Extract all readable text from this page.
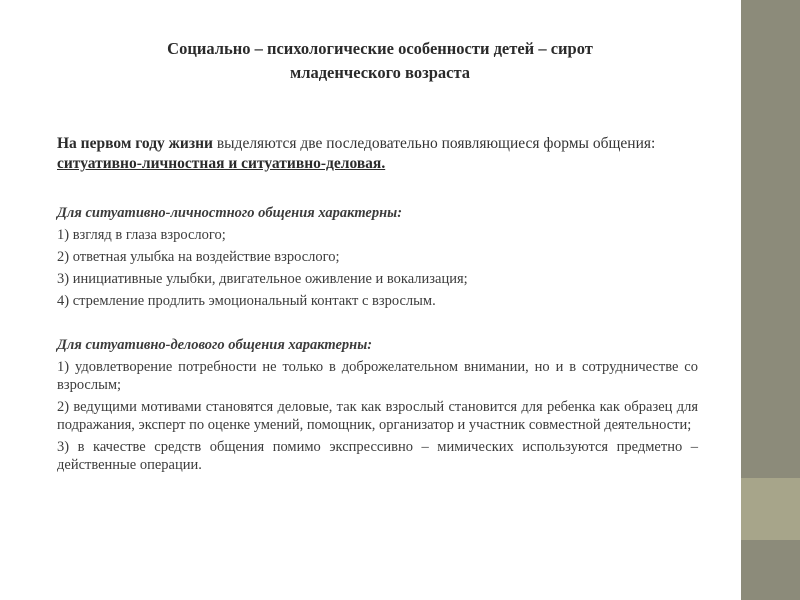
Социально – психологические особенности детей – сирот
младенческого возраста

На первом году жизни выделяются две последовательно появляющиеся формы общения: ситуативно-личностная и ситуативно-деловая.

Для ситуативно-личностного общения характерны:

1) взгляд в глаза взрослого;

2) ответная улыбка на воздействие взрослого;

3) инициативные улыбки, двигательное оживление и вокализация;

4) стремление продлить эмоциональный контакт с взрослым.

Для ситуативно-делового общения характерны:

1) удовлетворение потребности не только в доброжелательном внимании, но и в сотрудничестве со взрослым;

2) ведущими мотивами становятся деловые, так как взрослый становится для ребенка как образец для подражания, эксперт по оценке умений, помощник, организатор и участник совместной деятельности;

3) в качестве средств общения помимо экспрессивно – мимических используются предметно – действенные операции.
